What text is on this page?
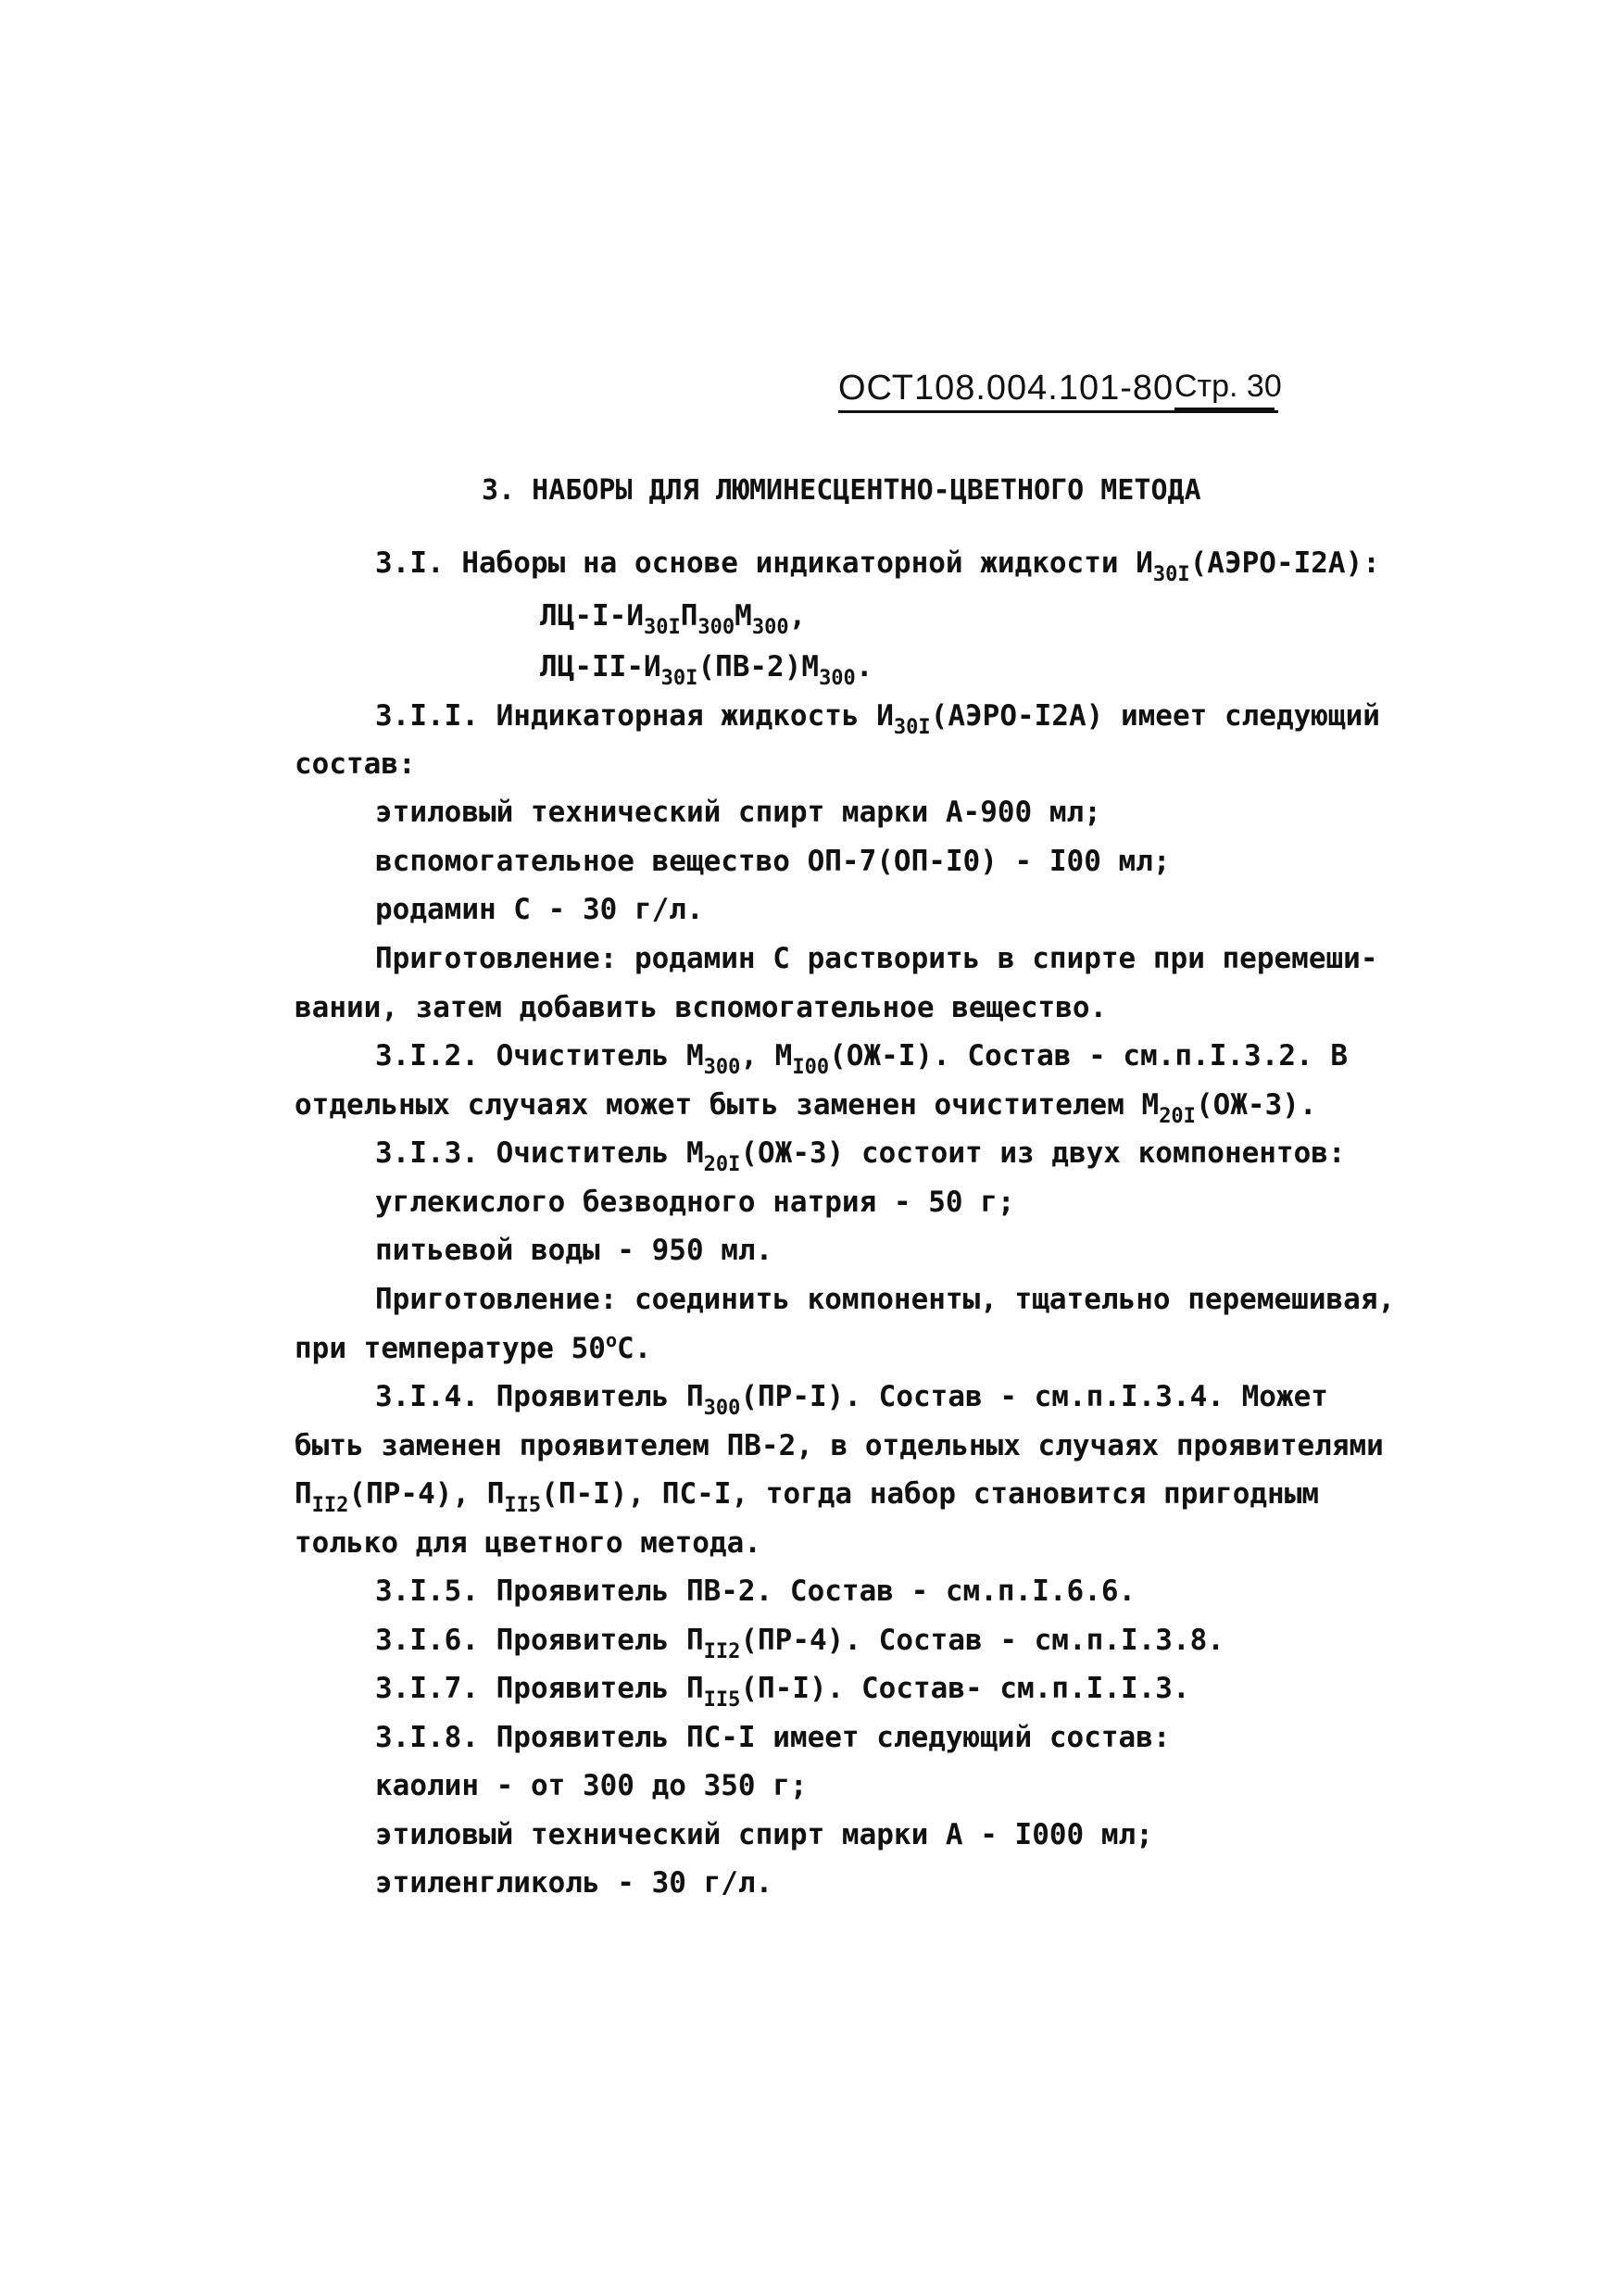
ОСТ108.004.101-80 Стр. 30
3. НАБОРЫ ДЛЯ ЛЮМИНЕСЦЕНТНО-ЦВЕТНОГО МЕТОДА
3.I. Наборы на основе индикаторной жидкости $И_{30I}(АЭРО-I2А)$:
$ЛЦ-I-И_{30I}П_{300}М_{300}$,
$ЛЦ-II-И_{30I}(ПВ-2)М_{300}$.
3.I.I. Индикаторная жидкость $И_{30I}(АЭРО-I2А)$ имеет следующий
состав:
этиловый технический спирт марки А-900 мл;
вспомогательное вещество ОП-7(ОП-I0) - I00 мл;
родамин С - 30 г/л.
Приготовление: родамин С растворить в спирте при перемеши-
вании, затем добавить вспомогательное вещество.
3.I.2. Очиститель $М_{300}$, $М_{I00}(ОЖ-I)$. Состав - см.п.I.3.2. В
отдельных случаях может быть заменен очистителем $М_{20I}(ОЖ-3)$.
3.I.3. Очиститель $М_{20I}(ОЖ-3)$ состоит из двух компонентов:
углекислого безводного натрия - 50 г;
питьевой воды - 950 мл.
Приготовление: соединить компоненты, тщательно перемешивая,
при температуре 50$^o$С.
3.I.4. Проявитель $П_{300}(ПР-I)$. Состав - см.п.I.3.4. Может
быть заменен проявителем ПВ-2, в отдельных случаях проявителями
$П_{II2}(ПР-4)$, $П_{II5}(П-I)$, ПС-I, тогда набор становится пригодным
только для цветного метода.
3.I.5. Проявитель ПВ-2. Состав - см.п.I.6.6.
3.I.6. Проявитель $П_{II2}(ПР-4)$. Состав - см.п.I.3.8.
3.I.7. Проявитель $П_{II5}(П-I)$. Состав- см.п.I.I.3.
3.I.8. Проявитель ПС-I имеет следующий состав:
каолин - от 300 до 350 г;
этиловый технический спирт марки А - I000 мл;
этиленгликоль - 30 г/л.
